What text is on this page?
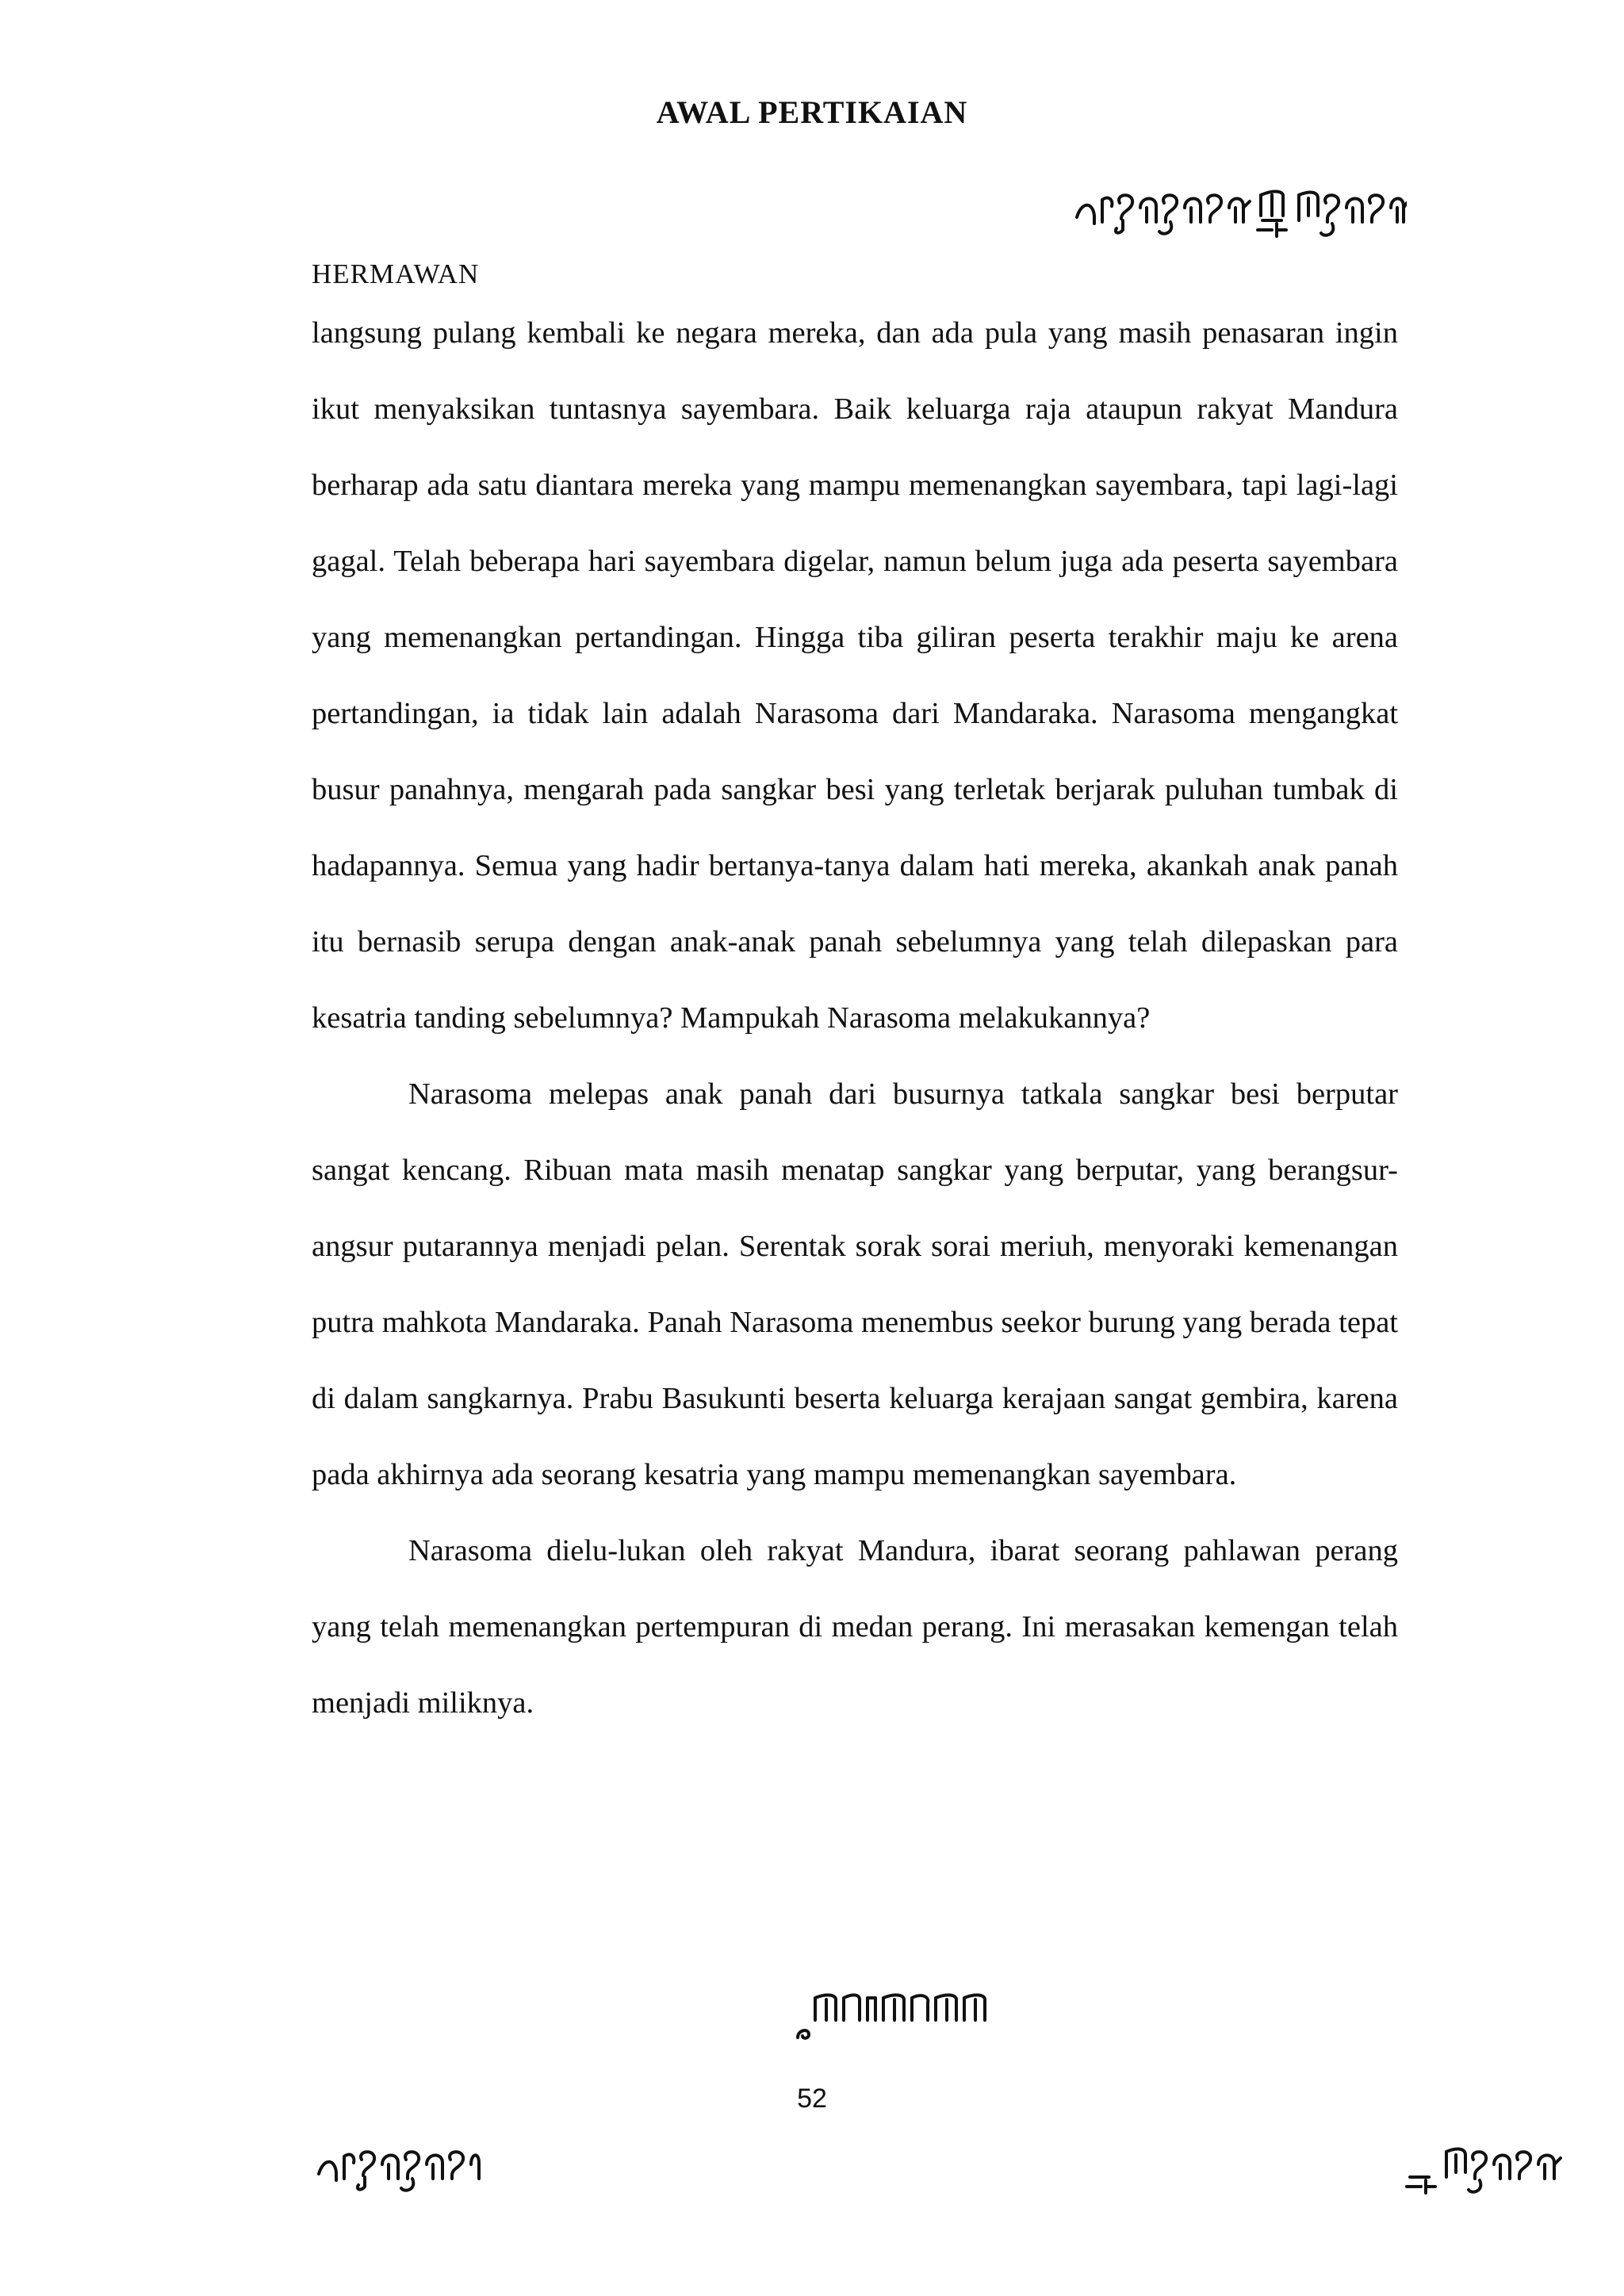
AWAL PERTIKAIAN
HERMAWAN

langsung pulang kembali ke negara mereka, dan ada pula yang masih penasaran ingin ikut menyaksikan tuntasnya sayembara. Baik keluarga raja ataupun rakyat Mandura berharap ada satu diantara mereka yang mampu memenangkan sayembara, tapi lagi-lagi gagal. Telah beberapa hari sayembara digelar, namun belum juga ada peserta sayembara yang memenangkan pertandingan. Hingga tiba giliran peserta terakhir maju ke arena pertandingan, ia tidak lain adalah Narasoma dari Mandaraka. Narasoma mengangkat busur panahnya, mengarah pada sangkar besi yang terletak berjarak puluhan tumbak di hadapannya. Semua yang hadir bertanya-tanya dalam hati mereka, akankah anak panah itu bernasib serupa dengan anak-anak panah sebelumnya yang telah dilepaskan para kesatria tanding sebelumnya? Mampukah Narasoma melakukannya?

Narasoma melepas anak panah dari busurnya tatkala sangkar besi berputar sangat kencang. Ribuan mata masih menatap sangkar yang berputar, yang berangsur-angsur putarannya menjadi pelan. Serentak sorak sorai meriuh, menyoraki kemenangan putra mahkota Mandaraka. Panah Narasoma menembus seekor burung yang berada tepat di dalam sangkarnya. Prabu Basukunti beserta keluarga kerajaan sangat gembira, karena pada akhirnya ada seorang kesatria yang mampu memenangkan sayembara.

Narasoma dielu-lukan oleh rakyat Mandura, ibarat seorang pahlawan perang yang telah memenangkan pertempuran di medan perang. Ini merasakan kemengan telah menjadi miliknya.

52
